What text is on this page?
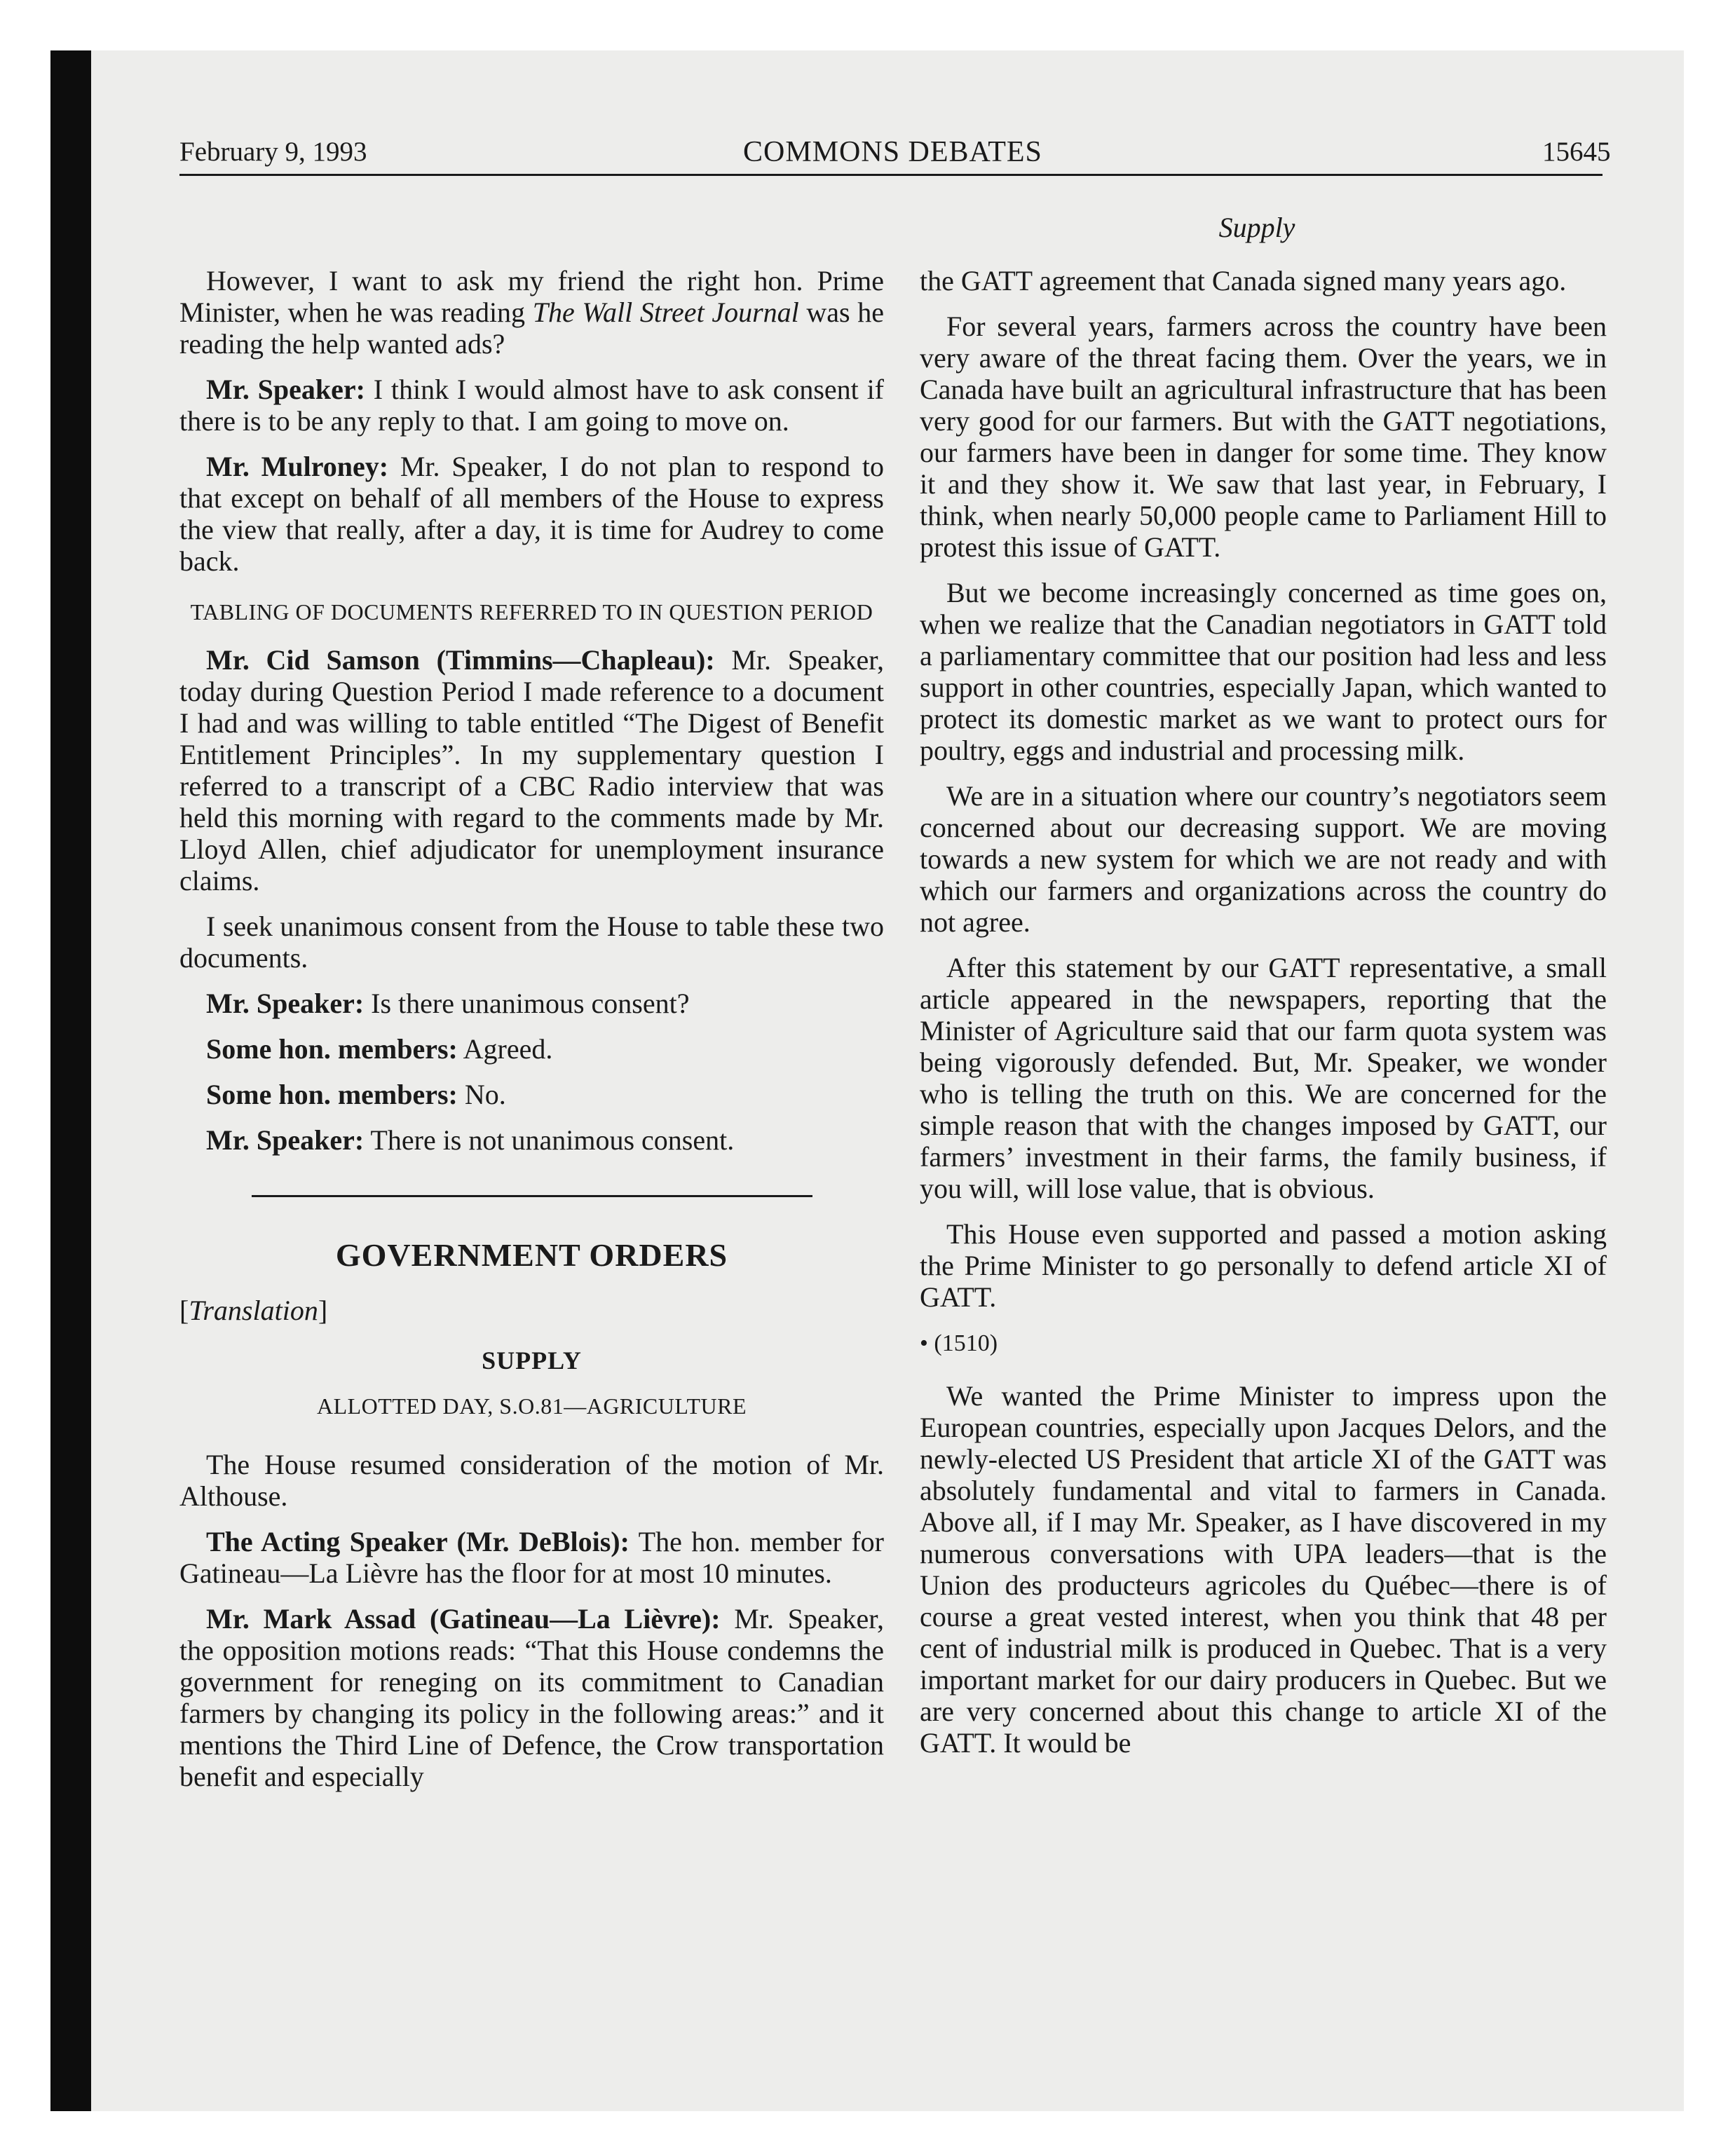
February 9, 1993	COMMONS DEBATES	15645
Supply

However, I want to ask my friend the right hon. Prime Minister, when he was reading The Wall Street Journal was he reading the help wanted ads?

Mr. Speaker: I think I would almost have to ask consent if there is to be any reply to that. I am going to move on.

Mr. Mulroney: Mr. Speaker, I do not plan to respond to that except on behalf of all members of the House to express the view that really, after a day, it is time for Audrey to come back.

TABLING OF DOCUMENTS REFERRED TO IN QUESTION PERIOD

Mr. Cid Samson (Timmins—Chapleau): Mr. Speaker, today during Question Period I made reference to a document I had and was willing to table entitled “The Digest of Benefit Entitlement Principles”. In my supplementary question I referred to a transcript of a CBC Radio interview that was held this morning with regard to the comments made by Mr. Lloyd Allen, chief adjudicator for unemployment insurance claims.

I seek unanimous consent from the House to table these two documents.

Mr. Speaker: Is there unanimous consent?

Some hon. members: Agreed.

Some hon. members: No.

Mr. Speaker: There is not unanimous consent.

GOVERNMENT ORDERS
[Translation]
SUPPLY
ALLOTTED DAY, S.O.81—AGRICULTURE

The House resumed consideration of the motion of Mr. Althouse.

The Acting Speaker (Mr. DeBlois): The hon. member for Gatineau—La Lièvre has the floor for at most 10 minutes.

Mr. Mark Assad (Gatineau—La Lièvre): Mr. Speaker, the opposition motions reads: “That this House condemns the government for reneging on its commitment to Canadian farmers by changing its policy in the following areas:” and it mentions the Third Line of Defence, the Crow transportation benefit and especially

the GATT agreement that Canada signed many years ago.

For several years, farmers across the country have been very aware of the threat facing them. Over the years, we in Canada have built an agricultural infrastructure that has been very good for our farmers. But with the GATT negotiations, our farmers have been in danger for some time. They know it and they show it. We saw that last year, in February, I think, when nearly 50,000 people came to Parliament Hill to protest this issue of GATT.

But we become increasingly concerned as time goes on, when we realize that the Canadian negotiators in GATT told a parliamentary committee that our position had less and less support in other countries, especially Japan, which wanted to protect its domestic market as we want to protect ours for poultry, eggs and industrial and processing milk.

We are in a situation where our country’s negotiators seem concerned about our decreasing support. We are moving towards a new system for which we are not ready and with which our farmers and organizations across the country do not agree.

After this statement by our GATT representative, a small article appeared in the newspapers, reporting that the Minister of Agriculture said that our farm quota system was being vigorously defended. But, Mr. Speaker, we wonder who is telling the truth on this. We are concerned for the simple reason that with the changes imposed by GATT, our farmers’ investment in their farms, the family business, if you will, will lose value, that is obvious.

This House even supported and passed a motion asking the Prime Minister to go personally to defend article XI of GATT.

• (1510)

We wanted the Prime Minister to impress upon the European countries, especially upon Jacques Delors, and the newly-elected US President that article XI of the GATT was absolutely fundamental and vital to farmers in Canada. Above all, if I may Mr. Speaker, as I have discovered in my numerous conversations with UPA leaders—that is the Union des producteurs agricoles du Québec—there is of course a great vested interest, when you think that 48 per cent of industrial milk is produced in Quebec. That is a very important market for our dairy producers in Quebec. But we are very concerned about this change to article XI of the GATT. It would be
